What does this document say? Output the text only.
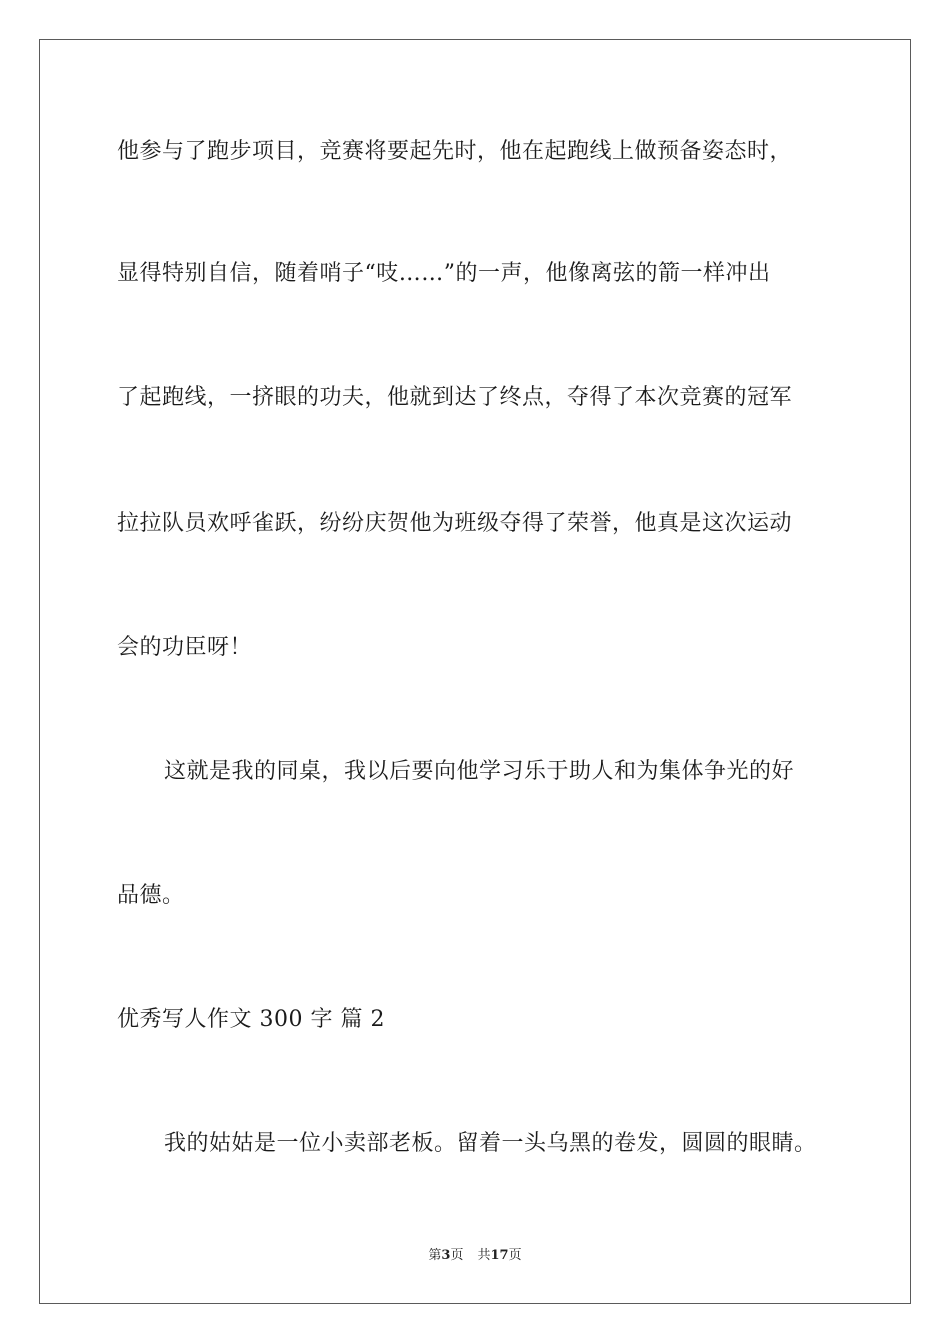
他参与了跑步项目，竞赛将要起先时，他在起跑线上做预备姿态时，
显得特别自信，随着哨子“吱……”的一声，他像离弦的箭一样冲出
了起跑线，一挤眼的功夫，他就到达了终点，夺得了本次竞赛的冠军
拉拉队员欢呼雀跃，纷纷庆贺他为班级夺得了荣誉，他真是这次运动
会的功臣呀！
这就是我的同桌，我以后要向他学习乐于助人和为集体争光的好
品德。
优秀写人作文 300 字 篇 2
我的姑姑是一位小卖部老板。留着一头乌黑的卷发，圆圆的眼睛。
第3页 共17页
